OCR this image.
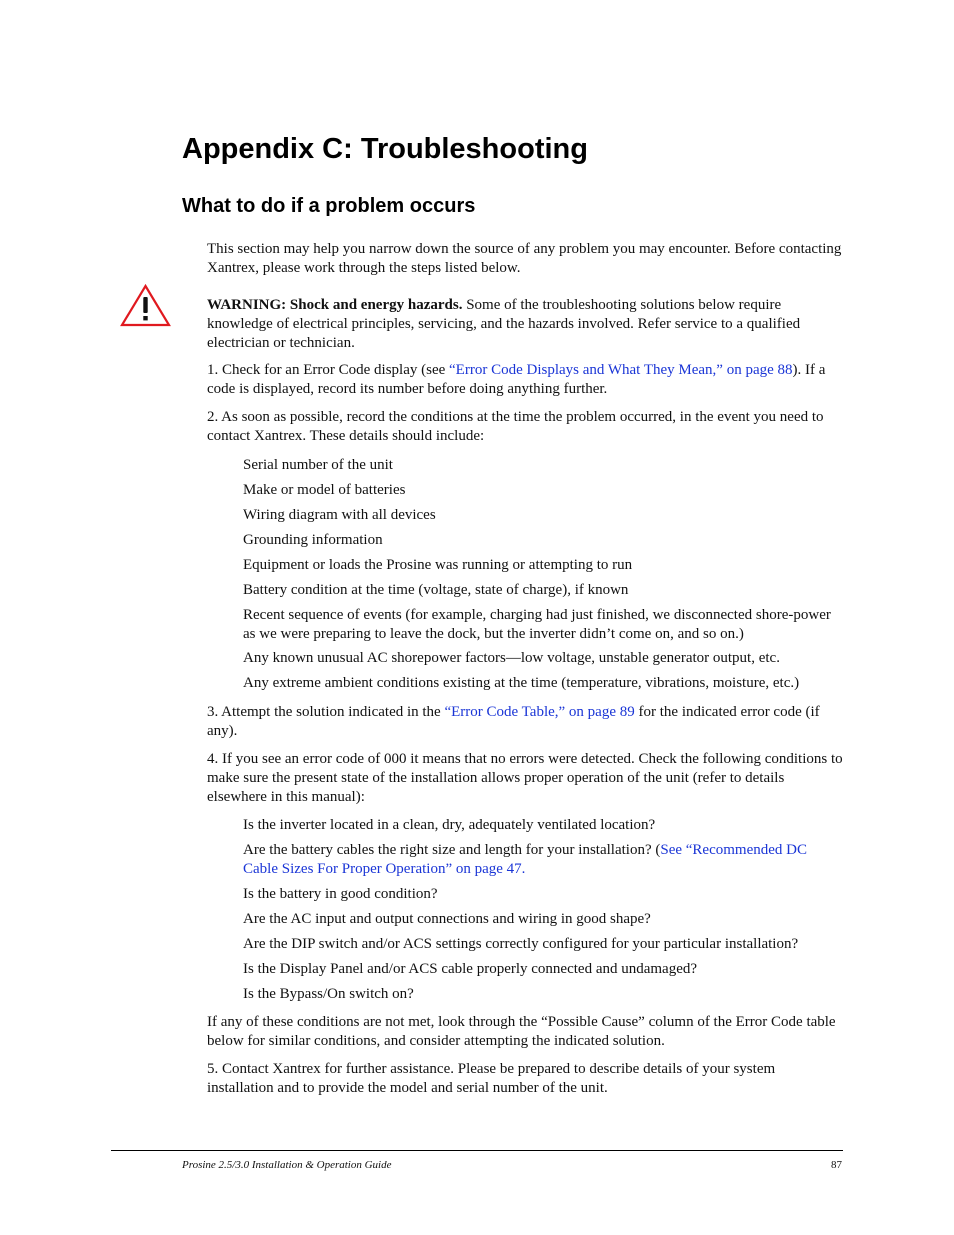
Appendix C: Troubleshooting
What to do if a problem occurs
This section may help you narrow down the source of any problem you may encounter. Before contacting Xantrex, please work through the steps listed below.
WARNING: Shock and energy hazards. Some of the troubleshooting solutions below require knowledge of electrical principles, servicing, and the hazards involved. Refer service to a qualified electrician or technician.
1. Check for an Error Code display (see “Error Code Displays and What They Mean,” on page 88). If a code is displayed, record its number before doing anything further.
2. As soon as possible, record the conditions at the time the problem occurred, in the event you need to contact Xantrex. These details should include:
Serial number of the unit
Make or model of batteries
Wiring diagram with all devices
Grounding information
Equipment or loads the Prosine was running or attempting to run
Battery condition at the time (voltage, state of charge), if known
Recent sequence of events (for example, charging had just finished, we disconnected shore-power as we were preparing to leave the dock, but the inverter didn’t come on, and so on.)
Any known unusual AC shorepower factors—low voltage, unstable generator output, etc.
Any extreme ambient conditions existing at the time (temperature, vibrations, moisture, etc.)
3. Attempt the solution indicated in the “Error Code Table,” on page 89 for the indicated error code (if any).
4. If you see an error code of 000 it means that no errors were detected. Check the following conditions to make sure the present state of the installation allows proper operation of the unit (refer to details elsewhere in this manual):
Is the inverter located in a clean, dry, adequately ventilated location?
Are the battery cables the right size and length for your installation? (See “Recommended DC Cable Sizes For Proper Operation” on page 47.
Is the battery in good condition?
Are the AC input and output connections and wiring in good shape?
Are the DIP switch and/or ACS settings correctly configured for your particular installation?
Is the Display Panel and/or ACS cable properly connected and undamaged?
Is the Bypass/On switch on?
If any of these conditions are not met, look through the “Possible Cause” column of the Error Code table below for similar conditions, and consider attempting the indicated solution.
5. Contact Xantrex for further assistance. Please be prepared to describe details of your system installation and to provide the model and serial number of the unit.
Prosine 2.5/3.0 Installation & Operation Guide	87
